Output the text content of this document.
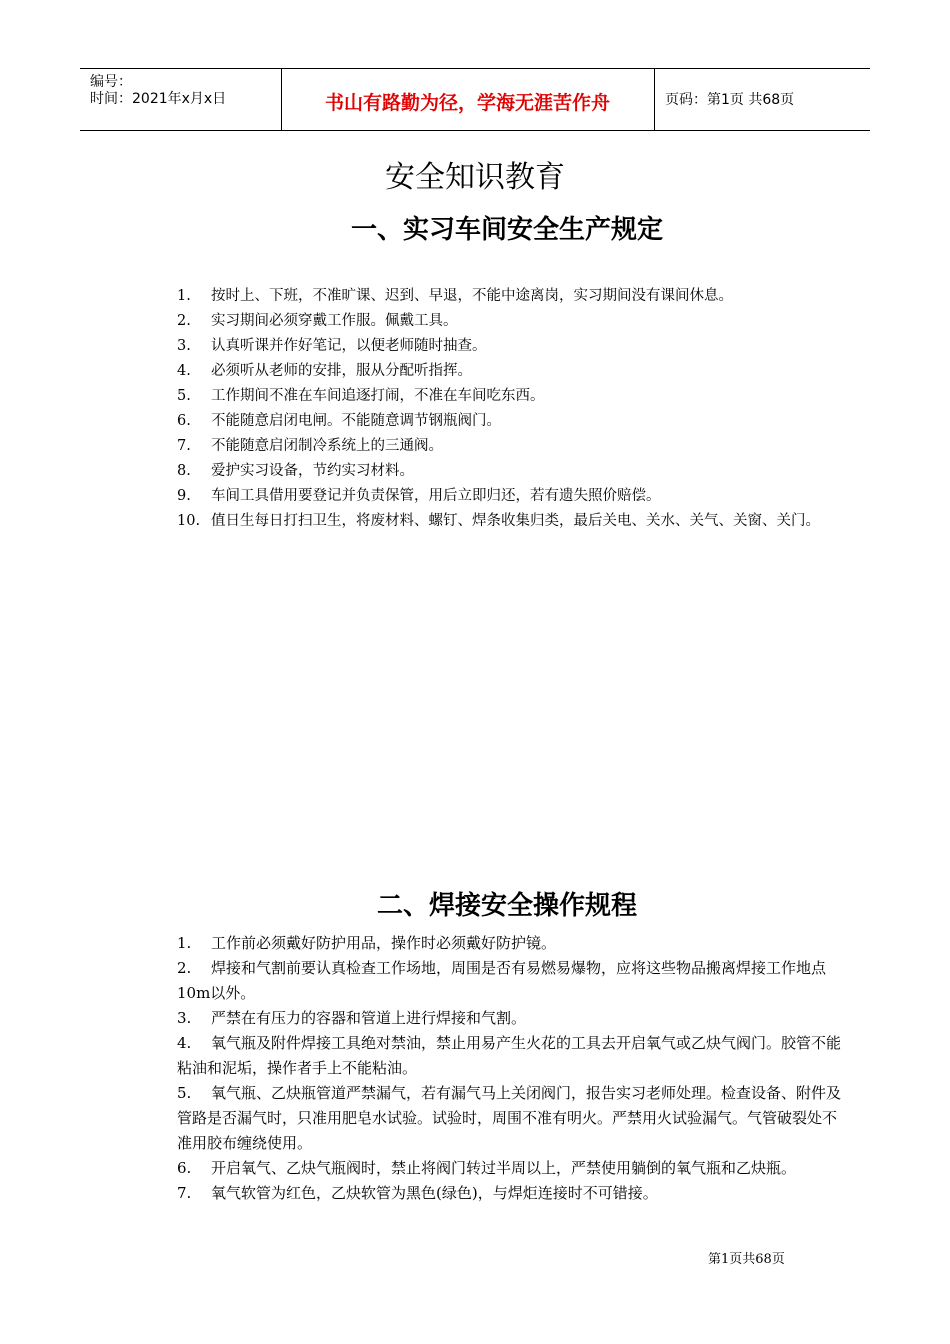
编号：
时间：2021年x月x日	书山有路勤为径，学海无涯苦作舟	页码：第1页 共68页
安全知识教育
一、实习车间安全生产规定
1. 按时上、下班，不准旷课、迟到、早退，不能中途离岗，实习期间没有课间休息。
2. 实习期间必须穿戴工作服。佩戴工具。
3. 认真听课并作好笔记，以便老师随时抽查。
4. 必须听从老师的安排，服从分配听指挥。
5. 工作期间不准在车间追逐打闹，不准在车间吃东西。
6. 不能随意启闭电闸。不能随意调节钢瓶阀门。
7. 不能随意启闭制冷系统上的三通阀。
8. 爱护实习设备，节约实习材料。
9. 车间工具借用要登记并负责保管，用后立即归还，若有遗失照价赔偿。
10. 值日生每日打扫卫生，将废材料、螺钉、焊条收集归类，最后关电、关水、关气、关窗、关门。
二、焊接安全操作规程
1. 工作前必须戴好防护用品，操作时必须戴好防护镜。
2. 焊接和气割前要认真检查工作场地，周围是否有易燃易爆物，应将这些物品搬离焊接工作地点10m以外。
3. 严禁在有压力的容器和管道上进行焊接和气割。
4. 氧气瓶及附件焊接工具绝对禁油，禁止用易产生火花的工具去开启氧气或乙炔气阀门。胶管不能粘油和泥垢，操作者手上不能粘油。
5. 氧气瓶、乙炔瓶管道严禁漏气，若有漏气马上关闭阀门，报告实习老师处理。检查设备、附件及管路是否漏气时，只准用肥皂水试验。试验时，周围不准有明火。严禁用火试验漏气。气管破裂处不准用胶布缠绕使用。
6. 开启氧气、乙炔气瓶阀时，禁止将阀门转过半周以上，严禁使用躺倒的氧气瓶和乙炔瓶。
7. 氧气软管为红色，乙炔软管为黑色(绿色)，与焊炬连接时不可错接。
第1页共68页
